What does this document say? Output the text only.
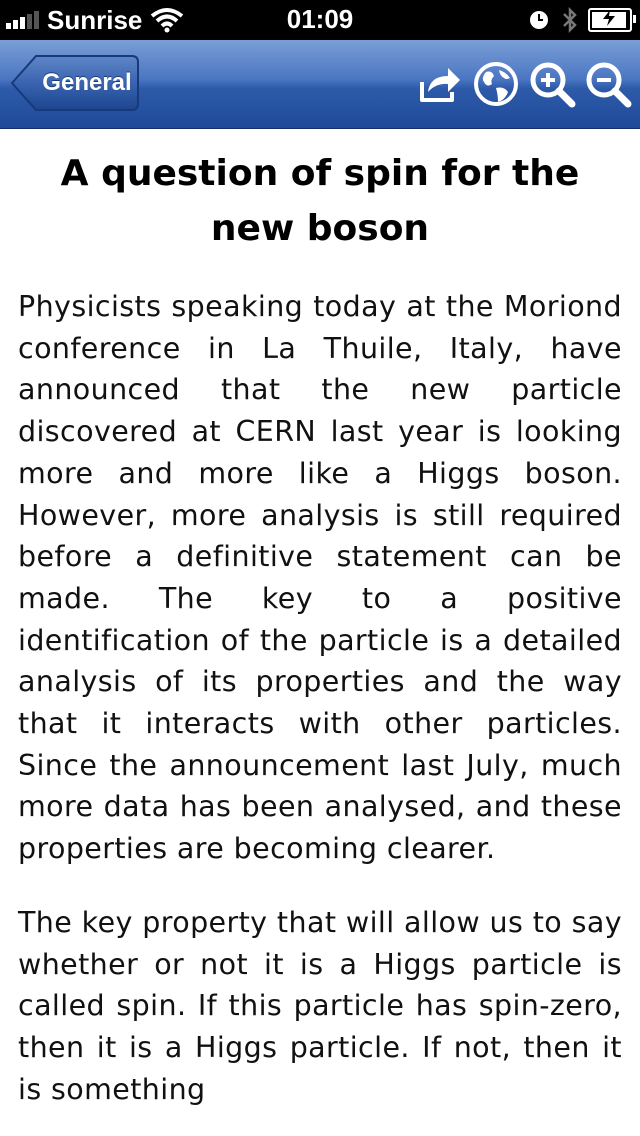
Sunrise	01:09
General
A question of spin for the new boson

Physicists speaking today at the Moriond conference in La Thuile, Italy, have announced that the new particle discovered at CERN last year is looking more and more like a Higgs boson. However, more analysis is still required before a definitive statement can be made. The key to a positive identification of the particle is a detailed analysis of its properties and the way that it interacts with other particles. Since the announcement last July, much more data has been analysed, and these properties are becoming clearer.

The key property that will allow us to say whether or not it is a Higgs particle is called spin. If this particle has spin-zero, then it is a Higgs particle. If not, then it is something
